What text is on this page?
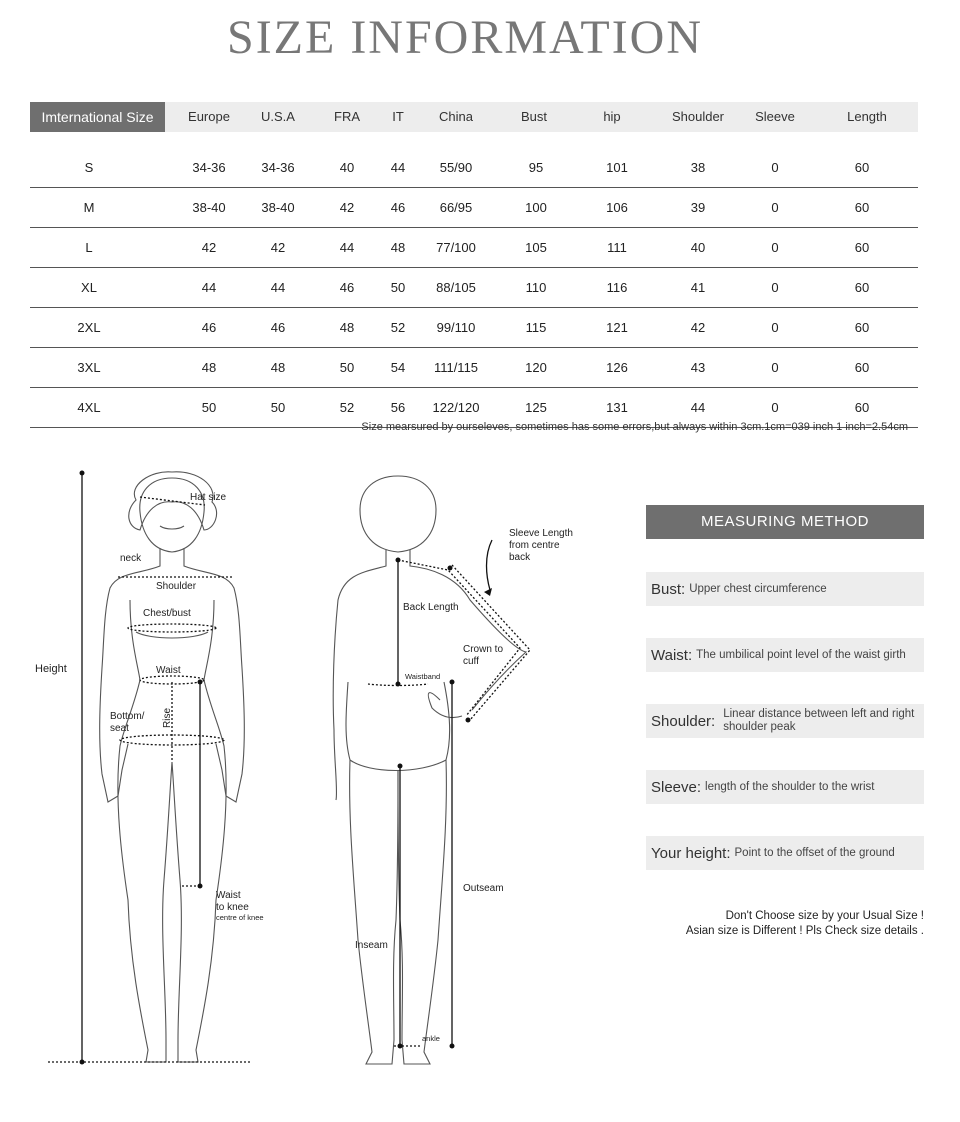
SIZE INFORMATION
Imternational Size	Europe	U.S.A	FRA	IT	China	Bust	hip	Shoulder	Sleeve	Length
S	34-36	34-36	40	44	55/90	95	101	38	0	60
M	38-40	38-40	42	46	66/95	100	106	39	0	60
L	42	42	44	48	77/100	105	111	40	0	60
XL	44	44	46	50	88/105	110	116	41	0	60
2XL	46	46	48	52	99/110	115	121	42	0	60
3XL	48	48	50	54	111/115	120	126	43	0	60
4XL	50	50	52	56	122/120	125	131	44	0	60
Size mearsured by ourseleves, sometimes has some errors,but always within 3cm.1cm=039 inch 1 inch=2.54cm
Height
Hat size
neck
Shoulder
Chest/bust
Waist
Bottom/
seat
Rise
Waist
to knee
centre of knee
Sleeve Length
from centre
back
Back Length
Crown to
cuff
Waistband
Outseam
Inseam
ankle
MEASURING METHOD
Bust: Upper chest circumference
Waist: The umbilical point level of the waist girth
Shoulder: Linear distance between left and right shoulder peak
Sleeve: length of the shoulder to the wrist
Your height: Point to the offset of the ground
Don't Choose size by your Usual Size !
Asian size is Different ! Pls Check size details .
